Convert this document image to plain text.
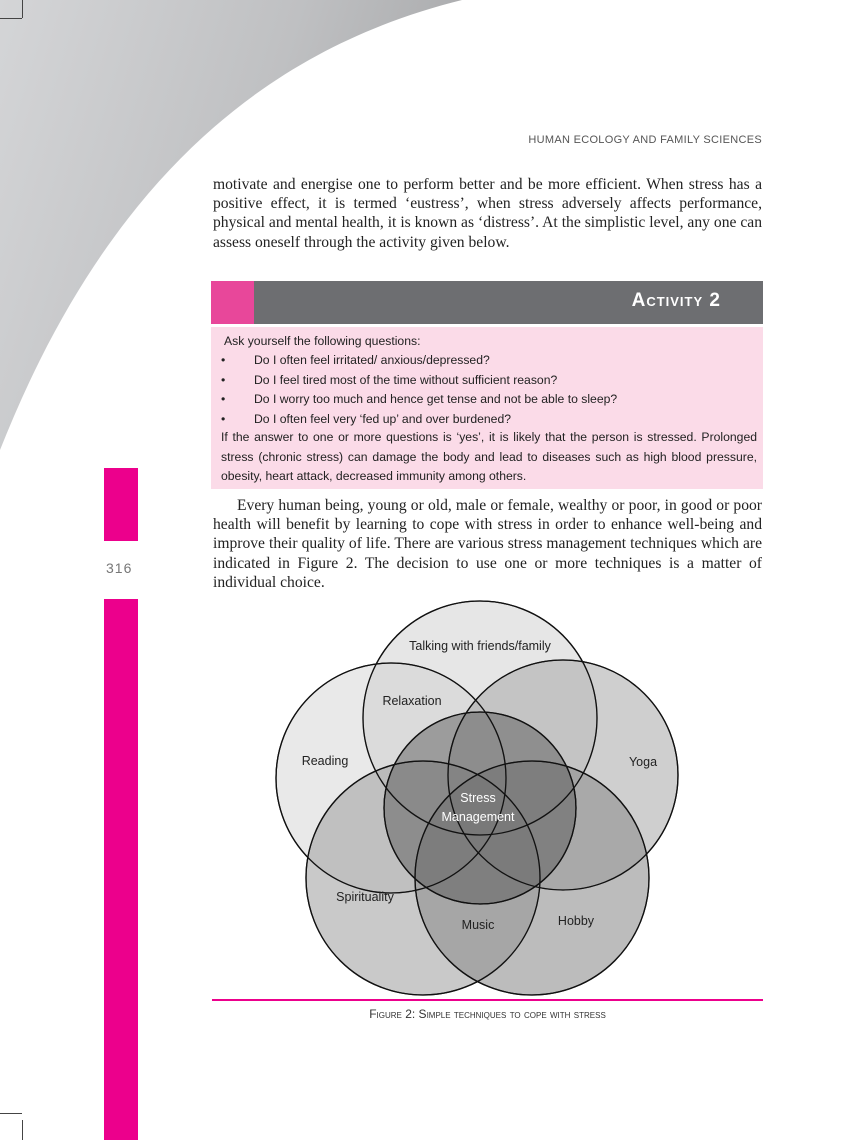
HUMAN ECOLOGY AND FAMILY SCIENCES

motivate and energise one to perform better and be more efficient. When stress has a positive effect, it is termed ‘eustress’, when stress adversely affects performance, physical and mental health, it is known as ‘distress’. At the simplistic level, any one can assess oneself through the activity given below.

Activity 2
Ask yourself the following questions:
• Do I often feel irritated/ anxious/depressed?
• Do I feel tired most of the time without sufficient reason?
• Do I worry too much and hence get tense and not be able to sleep?
• Do I often feel very ‘fed up’ and over burdened?
If the answer to one or more questions is ‘yes’, it is likely that the person is stressed. Prolonged stress (chronic stress) can damage the body and lead to diseases such as high blood pressure, obesity, heart attack, decreased immunity among others.

Every human being, young or old, male or female, wealthy or poor, in good or poor health will benefit by learning to cope with stress in order to enhance well-being and improve their quality of life. There are various stress management techniques which are indicated in Figure 2. The decision to use one or more techniques is a matter of individual choice.

316
Talking with friends/family
Relaxation
Reading	Yoga
Stress
Management
Spirituality
Music	Hobby
Figure 2: Simple techniques to cope with stress
